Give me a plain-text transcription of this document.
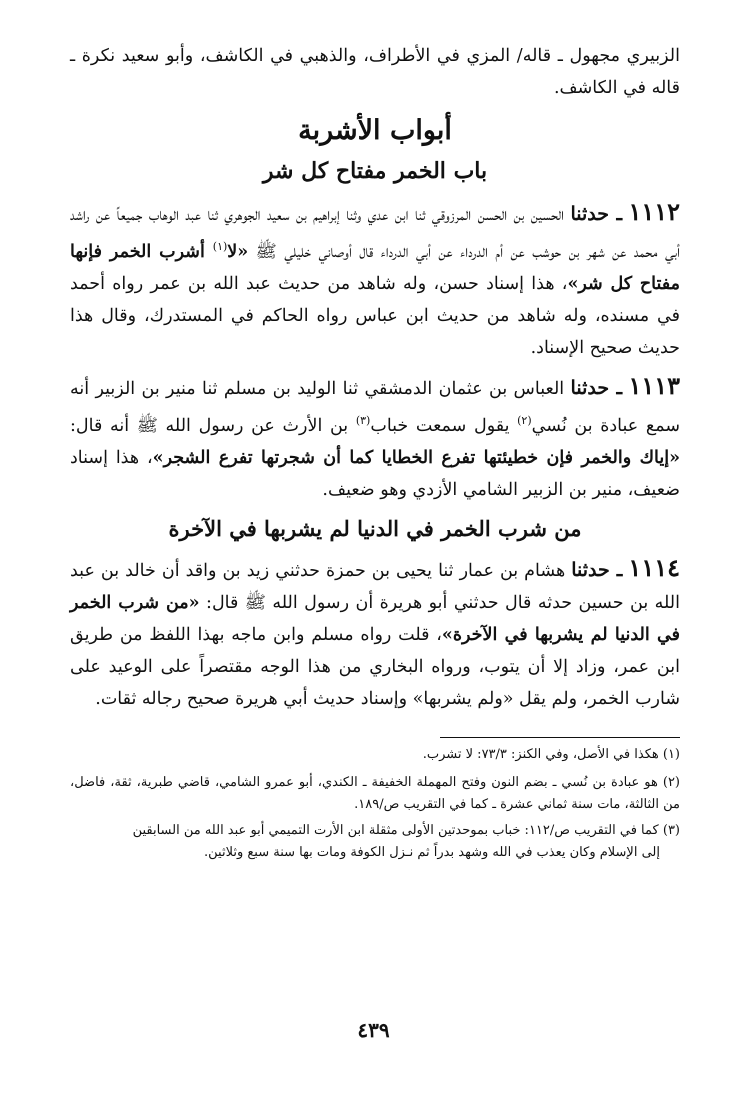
الزبيري مجهول ـ قاله/ المزي في الأطراف، والذهبي في الكاشف، وأبو سعيد نكرة ـ قاله في الكاشف.

أبواب الأشربة
باب الخمر مفتاح كل شر

١١١٢ ـ حدثنا الحسين بن الحسن المرزوقي ثنا ابن عدي وثنا إبراهيم بن سعيد الجوهري ثنا عبد الوهاب جميعاً عن راشد أبي محمد عن شهر بن حوشب عن أم الدرداء عن أبي الدرداء قال أوصاني خليلي ﷺ «لا$^{(١)}$ أشرب الخمر فإنها مفتاح كل شر»، هذا إسناد حسن، وله شاهد من حديث عبد الله بن عمر رواه أحمد في مسنده، وله شاهد من حديث ابن عباس رواه الحاكم في المستدرك، وقال هذا حديث صحيح الإسناد.

١١١٣ ـ حدثنا العباس بن عثمان الدمشقي ثنا الوليد بن مسلم ثنا منير بن الزبير أنه سمع عبادة بن نُسي$^{(٢)}$ يقول سمعت خباب$^{(٣)}$ بن الأرث عن رسول الله ﷺ أنه قال: «إياك والخمر فإن خطيئتها تفرع الخطايا كما أن شجرتها تفرع الشجر»، هذا إسناد ضعيف، منير بن الزبير الشامي الأزدي وهو ضعيف.

من شرب الخمر في الدنيا لم يشربها في الآخرة

١١١٤ ـ حدثنا هشام بن عمار ثنا يحيى بن حمزة حدثني زيد بن واقد أن خالد بن عبد الله بن حسين حدثه قال حدثني أبو هريرة أن رسول الله ﷺ قال: «من شرب الخمر في الدنيا لم يشربها في الآخرة»، قلت رواه مسلم وابن ماجه بهذا اللفظ من طريق ابن عمر، وزاد إلا أن يتوب، ورواه البخاري من هذا الوجه مقتصراً على الوعيد على شارب الخمر، ولم يقل «ولم يشربها» وإسناد حديث أبي هريرة صحيح رجاله ثقات.

(١) هكذا في الأصل، وفي الكنز: ٧٣/٣: لا تشرب.

(٢) هو عبادة بن نُسي ـ بضم النون وفتح المهملة الخفيفة ـ الكندي، أبو عمرو الشامي، قاضي طبرية، ثقة، فاضل، من الثالثة، مات سنة ثماني عشرة ـ كما في التقريب ص/١٨٩.

(٣) كما في التقريب ص/١١٢: خباب بموحدتين الأولى مثقلة ابن الأرت التميمي أبو عبد الله من السابقين

إلى الإسلام وكان يعذب في الله وشهد بدراً ثم نـزل الكوفة ومات بها سنة سبع وثلاثين.

٤٣٩
